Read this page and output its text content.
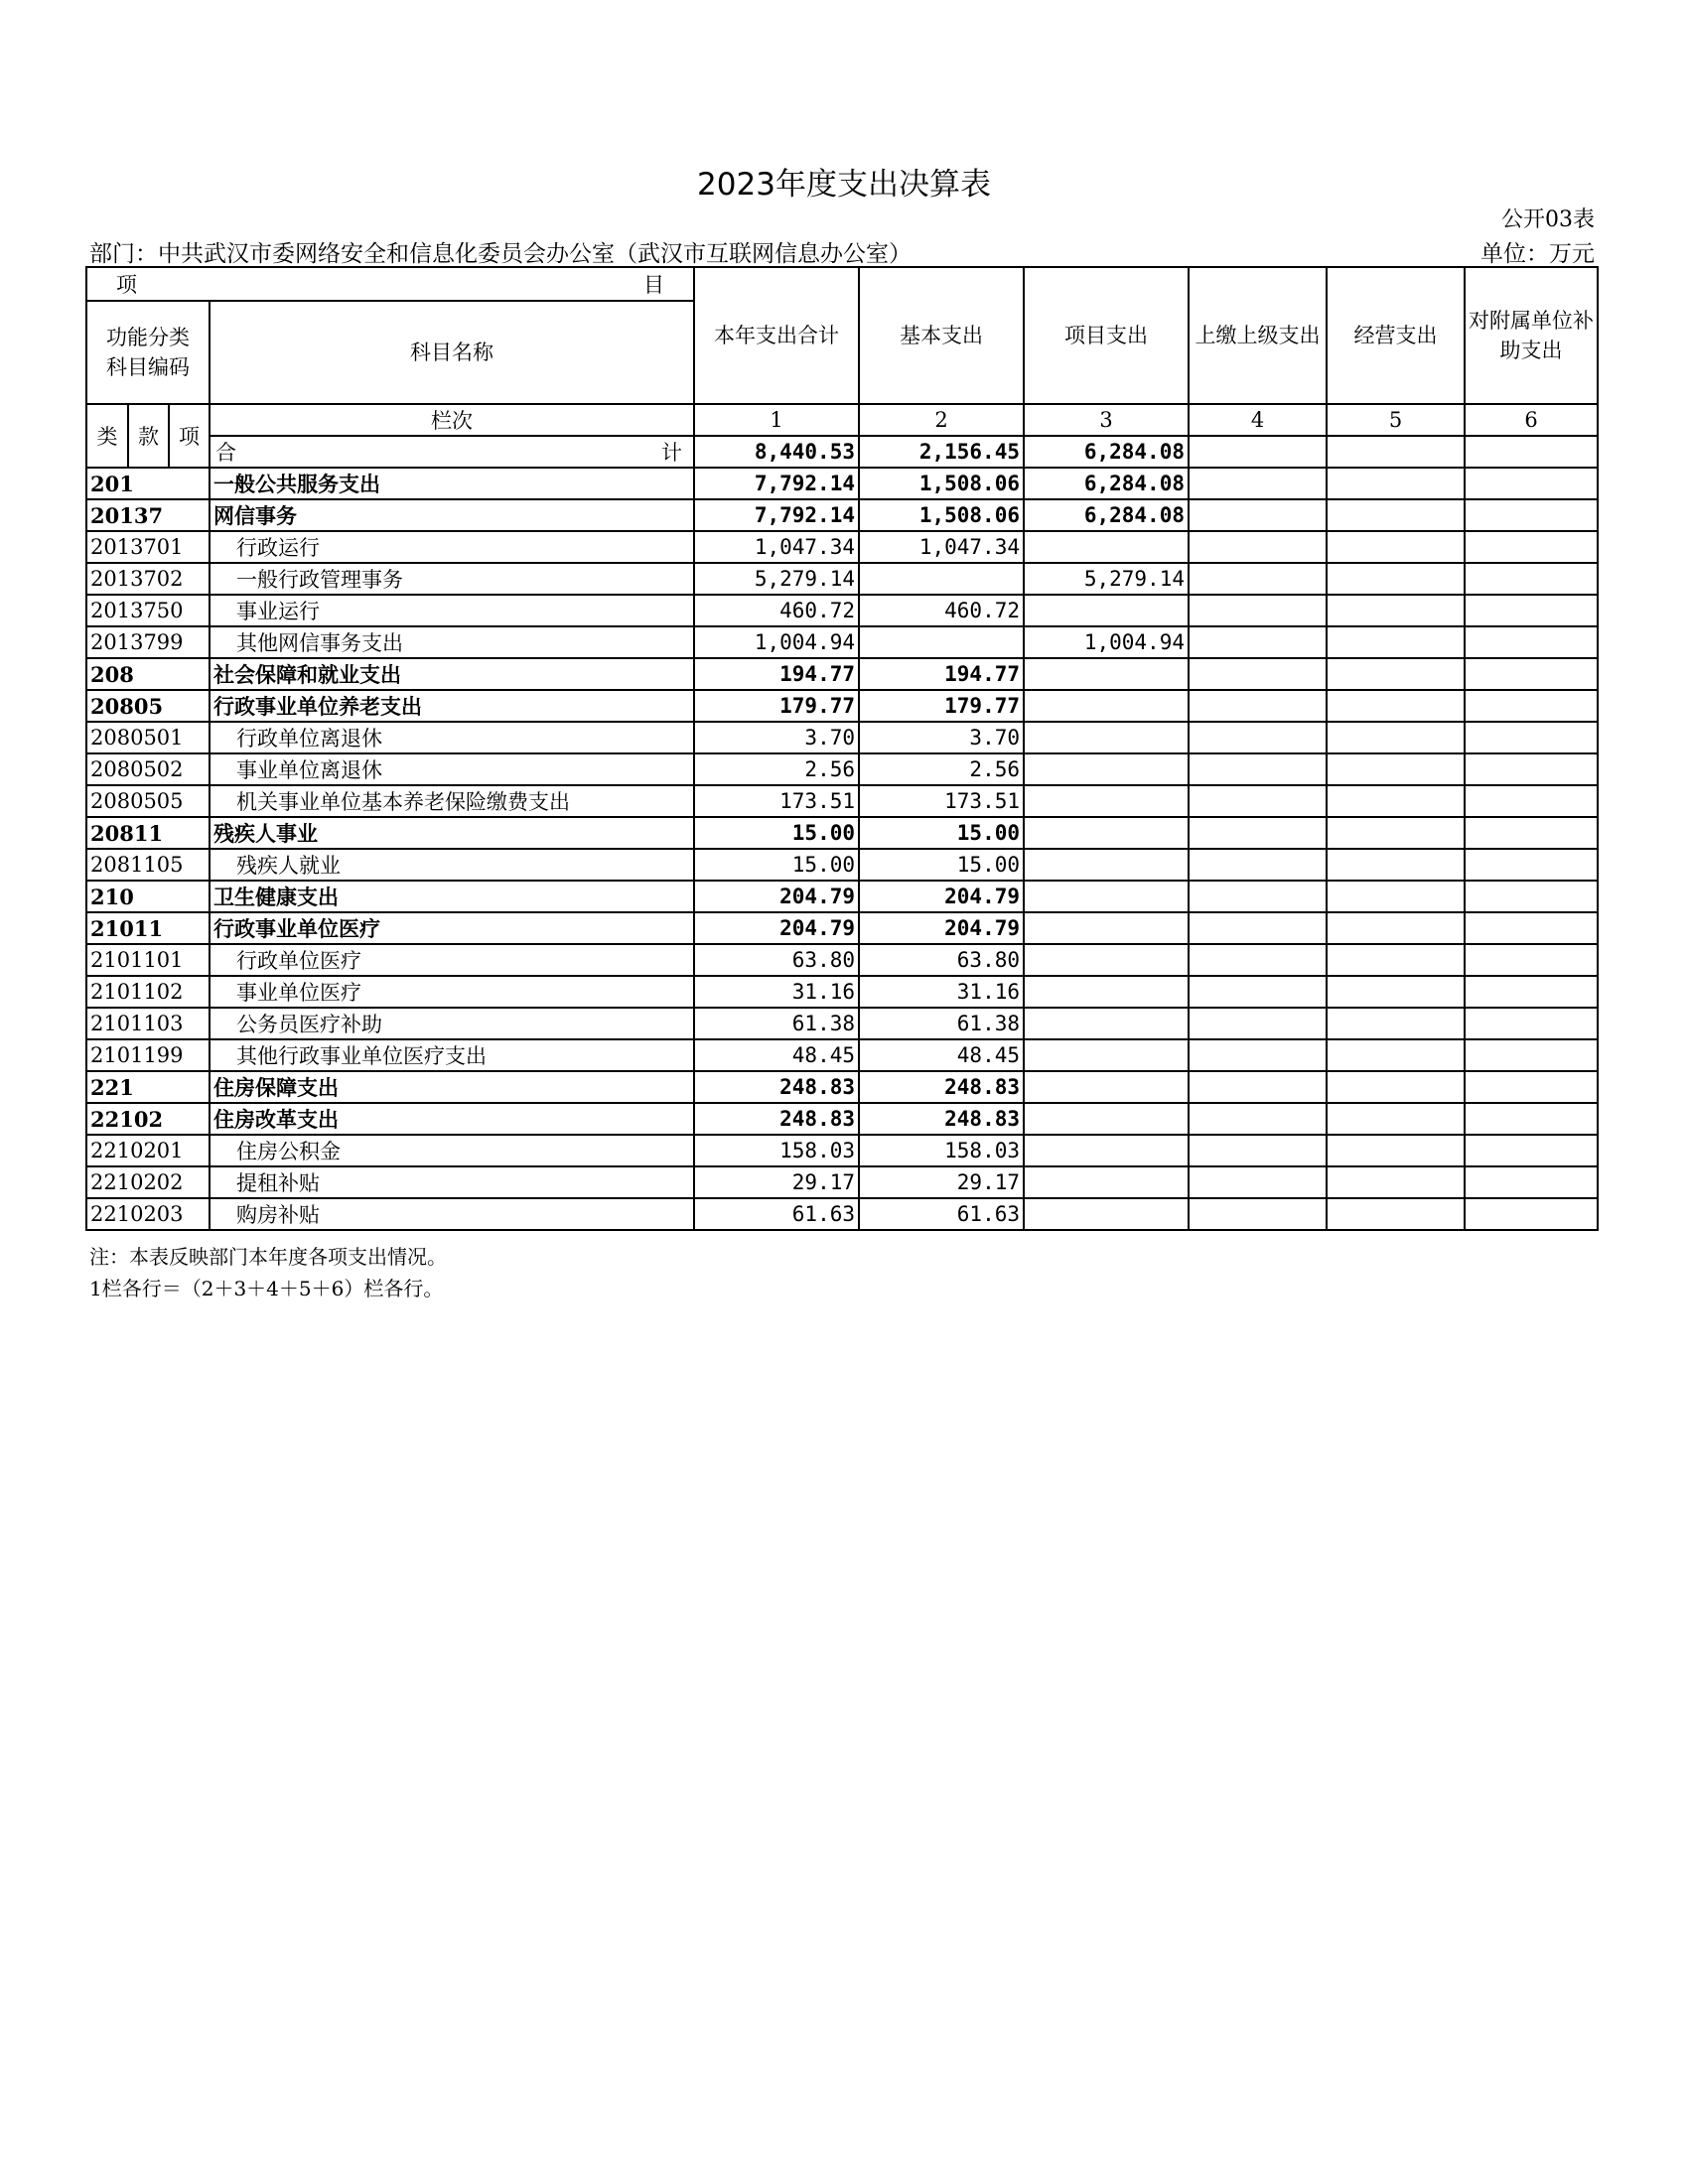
2023年度支出决算表
公开03表
部门：中共武汉市委网络安全和信息化委员会办公室（武汉市互联网信息办公室）	单位：万元
项 目				本年支出合计	基本支出	项目支出	上缴上级支出	经营支出	对附属单位补助支出

功能分类
科目编码			科目名称						
类	款	项	栏次	1	2	3	4	5	6

			合 计	8,440.53	2,156.45	6,284.08			
201			一般公共服务支出	7,792.14	1,508.06	6,284.08			
20137			网信事务	7,792.14	1,508.06	6,284.08			
2013701			行政运行	1,047.34	1,047.34				
2013702			一般行政管理事务	5,279.14		5,279.14			
2013750			事业运行	460.72	460.72				
2013799			其他网信事务支出	1,004.94		1,004.94			
208			社会保障和就业支出	194.77	194.77				
20805			行政事业单位养老支出	179.77	179.77				
2080501			行政单位离退休	3.70	3.70				
2080502			事业单位离退休	2.56	2.56				
2080505			机关事业单位基本养老保险缴费支出	173.51	173.51				
20811			残疾人事业	15.00	15.00				
2081105			残疾人就业	15.00	15.00				
210			卫生健康支出	204.79	204.79				
21011			行政事业单位医疗	204.79	204.79				
2101101			行政单位医疗	63.80	63.80				
2101102			事业单位医疗	31.16	31.16				
2101103			公务员医疗补助	61.38	61.38				
2101199			其他行政事业单位医疗支出	48.45	48.45				
221			住房保障支出	248.83	248.83				
22102			住房改革支出	248.83	248.83				
2210201			住房公积金	158.03	158.03				
2210202			提租补贴	29.17	29.17				
2210203			购房补贴	61.63	61.63				
注：本表反映部门本年度各项支出情况。
1栏各行＝（2＋3＋4＋5＋6）栏各行。
